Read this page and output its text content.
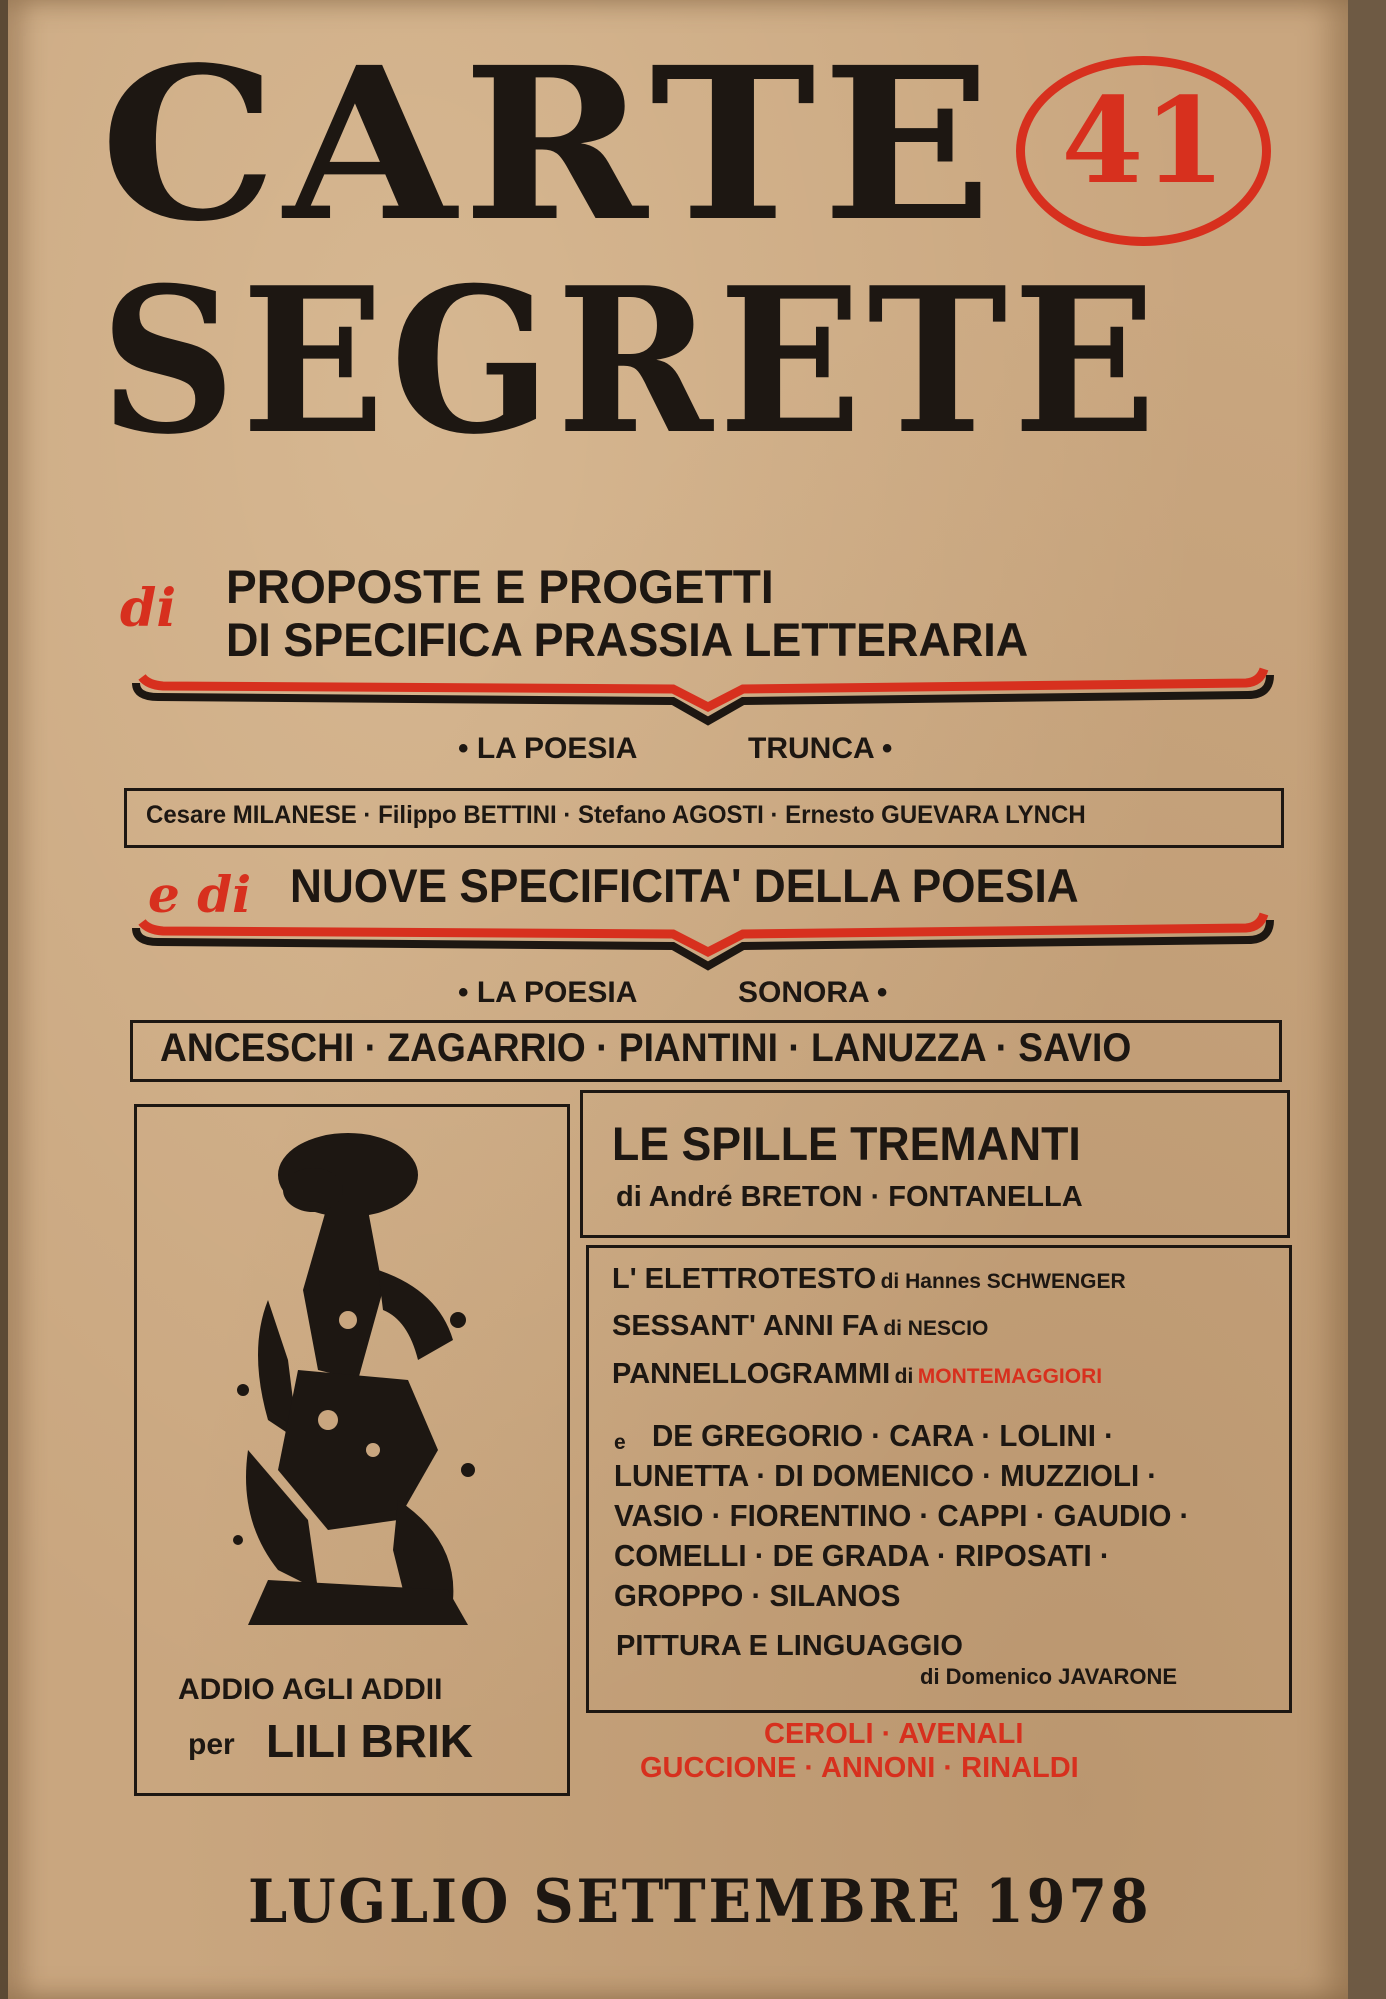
CARTE
SEGRETE
41
di PROPOSTE E PROGETTI
DI SPECIFICA PRASSIA LETTERARIA
• LA POESIA	TRUNCA •
Cesare MILANESE · Filippo BETTINI · Stefano AGOSTI · Ernesto GUEVARA LYNCH
e di NUOVE SPECIFICITA' DELLA POESIA
• LA POESIA	SONORA •
ANCESCHI · ZAGARRIO · PIANTINI · LANUZZA · SAVIO
ADDIO AGLI ADDII
per LILI BRIK
LE SPILLE TREMANTI
di André BRETON · FONTANELLA
L' ELETTROTESTO di Hannes SCHWENGER
SESSANT' ANNI FA di NESCIO
PANNELLOGRAMMI di MONTEMAGGIORI
e DE GREGORIO · CARA · LOLINI ·
LUNETTA · DI DOMENICO · MUZZIOLI ·
VASIO · FIORENTINO · CAPPI · GAUDIO ·
COMELLI · DE GRADA · RIPOSATI ·
GROPPO · SILANOS
PITTURA E LINGUAGGIO
di Domenico JAVARONE
CEROLI · AVENALI
GUCCIONE · ANNONI · RINALDI
LUGLIO SETTEMBRE 1978
